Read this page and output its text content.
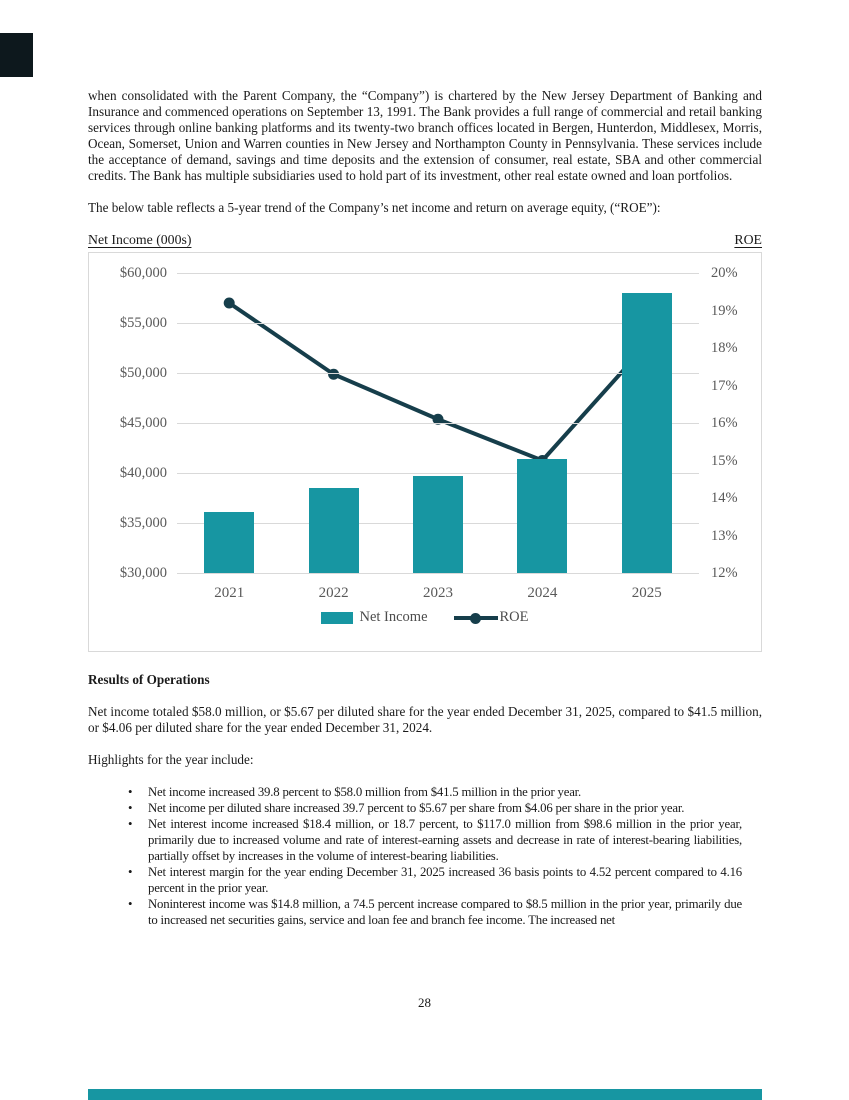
when consolidated with the Parent Company, the “Company”) is chartered by the New Jersey Department of Banking and Insurance and commenced operations on September 13, 1991. The Bank provides a full range of commercial and retail banking services through online banking platforms and its twenty-two branch offices located in Bergen, Hunterdon, Middlesex, Morris, Ocean, Somerset, Union and Warren counties in New Jersey and Northampton County in Pennsylvania. These services include the acceptance of demand, savings and time deposits and the extension of consumer, real estate, SBA and other commercial credits. The Bank has multiple subsidiaries used to hold part of its investment, other real estate owned and loan portfolios.

The below table reflects a 5-year trend of the Company’s net income and return on average equity, (“ROE”):

Net Income (000s)	ROE
Net Income	ROE
$60,000
$55,000
$50,000
$45,000
$40,000
$35,000
$30,000
20%
19%
18%
17%
16%
15%
14%
13%
12%
2021	2022	2023	2024	2025
Results of Operations

Net income totaled $58.0 million, or $5.67 per diluted share for the year ended December 31, 2025, compared to $41.5 million, or $4.06 per diluted share for the year ended December 31, 2024.

Highlights for the year include:

•	Net income increased 39.8 percent to $58.0 million from $41.5 million in the prior year.
•	Net income per diluted share increased 39.7 percent to $5.67 per share from $4.06 per share in the prior year.
•	Net interest income increased $18.4 million, or 18.7 percent, to $117.0 million from $98.6 million in the prior year, primarily due to increased volume and rate of interest-earning assets and decrease in rate of interest-bearing liabilities, partially offset by increases in the volume of interest-bearing liabilities.
•	Net interest margin for the year ending December 31, 2025 increased 36 basis points to 4.52 percent compared to 4.16 percent in the prior year.
•	Noninterest income was $14.8 million, a 74.5 percent increase compared to $8.5 million in the prior year, primarily due to increased net securities gains, service and loan fee and branch fee income. The increased net
28
